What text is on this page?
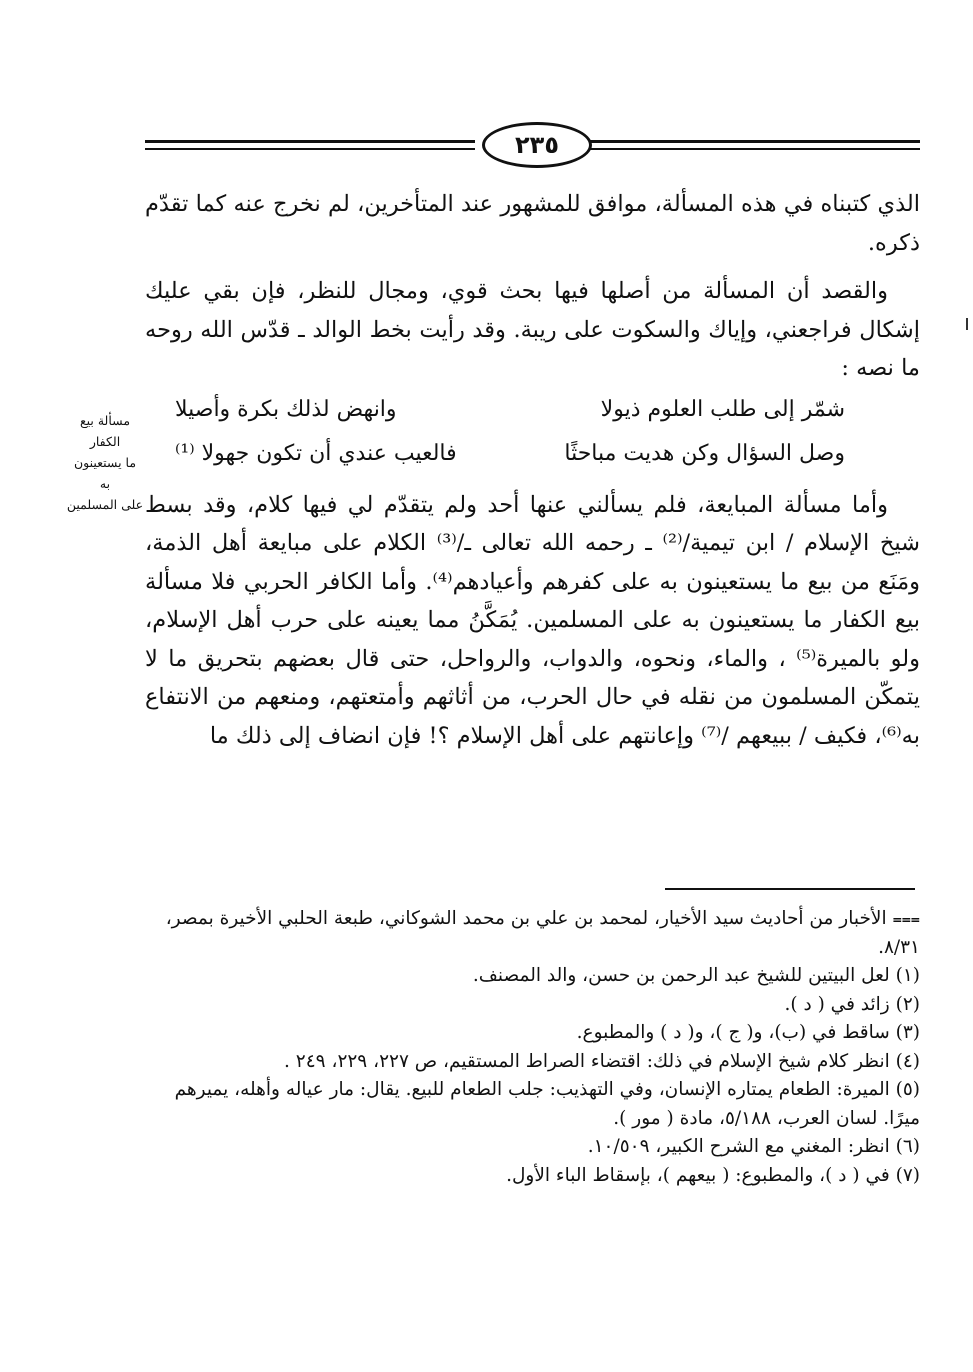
٢٣٥

الذي كتبناه في هذه المسألة، موافق للمشهور عند المتأخرين، لم نخرج عنه كما تقدّم ذكره.

والقصد أن المسألة من أصلها فيها بحث قوي، ومجال للنظر، فإن بقي عليك إشكال فراجعني، وإياك والسكوت على ريبة. وقد رأيت بخط الوالد ـ قدّس الله روحه ما نصه :

شمّر إلى طلب العلوم ذيولا
وانهض لذلك بكرة وأصيلا
وصل السؤال وكن هديت مباحثًا
فالعيب عندي أن تكون جهولا ⁽¹⁾

وأما مسألة المبايعة، فلم يسألني عنها أحد ولم يتقدّم لي فيها كلام، وقد بسط شيخ الإسلام / ابن تيمية/⁽²⁾ ـ رحمه الله تعالى ـ/⁽³⁾ الكلام على مبايعة أهل الذمة، ومَنَع من بيع ما يستعينون به على كفرهم وأعيادهم⁽⁴⁾. وأما الكافر الحربي فلا مسألة بيع الكفار ما يستعينون به على المسلمين. يُمَكَّنُ مما يعينه على حرب أهل الإسلام، ولو بالميرة⁽⁵⁾ ، والماء، ونحوه، والدواب، والرواحل، حتى قال بعضهم بتحريق ما لا يتمكّن المسلمون من نقله في حال الحرب، من أثاثهم وأمتعتهم، ومنعهم من الانتفاع به⁽⁶⁾، فكيف / ببيعهم /⁽⁷⁾ وإعانتهم على أهل الإسلام ؟! فإن انضاف إلى ذلك ما

مسألة بيع
الكفار
ما يستعينون
به
على المسلمين

⩶الأخبار من أحاديث سيد الأخيار، لمحمد بن علي بن محمد الشوكاني، طبعة الحلبي الأخيرة بمصر، ٨/٣١.

(١) لعل البيتين للشيخ عبد الرحمن بن حسن، والد المصنف.

(٢) زائد في ( د ).

(٣) ساقط في (ب)، و( ج )، و( د ) والمطبوع.

(٤) انظر كلام شيخ الإسلام في ذلك: اقتضاء الصراط المستقيم، ص ٢٢٧، ٢٢٩، ٢٤٩ .

(٥) الميرة: الطعام يمتاره الإنسان، وفي التهذيب: جلب الطعام للبيع. يقال: مار عياله وأهله، يميرهم ميرًا. لسان العرب، ٥/١٨٨، مادة ( مور ).

(٦) انظر: المغني مع الشرح الكبير، ١٠/٥٠٩.

(٧) في ( د )، والمطبوع: ( بيعهم )، بإسقاط الباء الأول.
